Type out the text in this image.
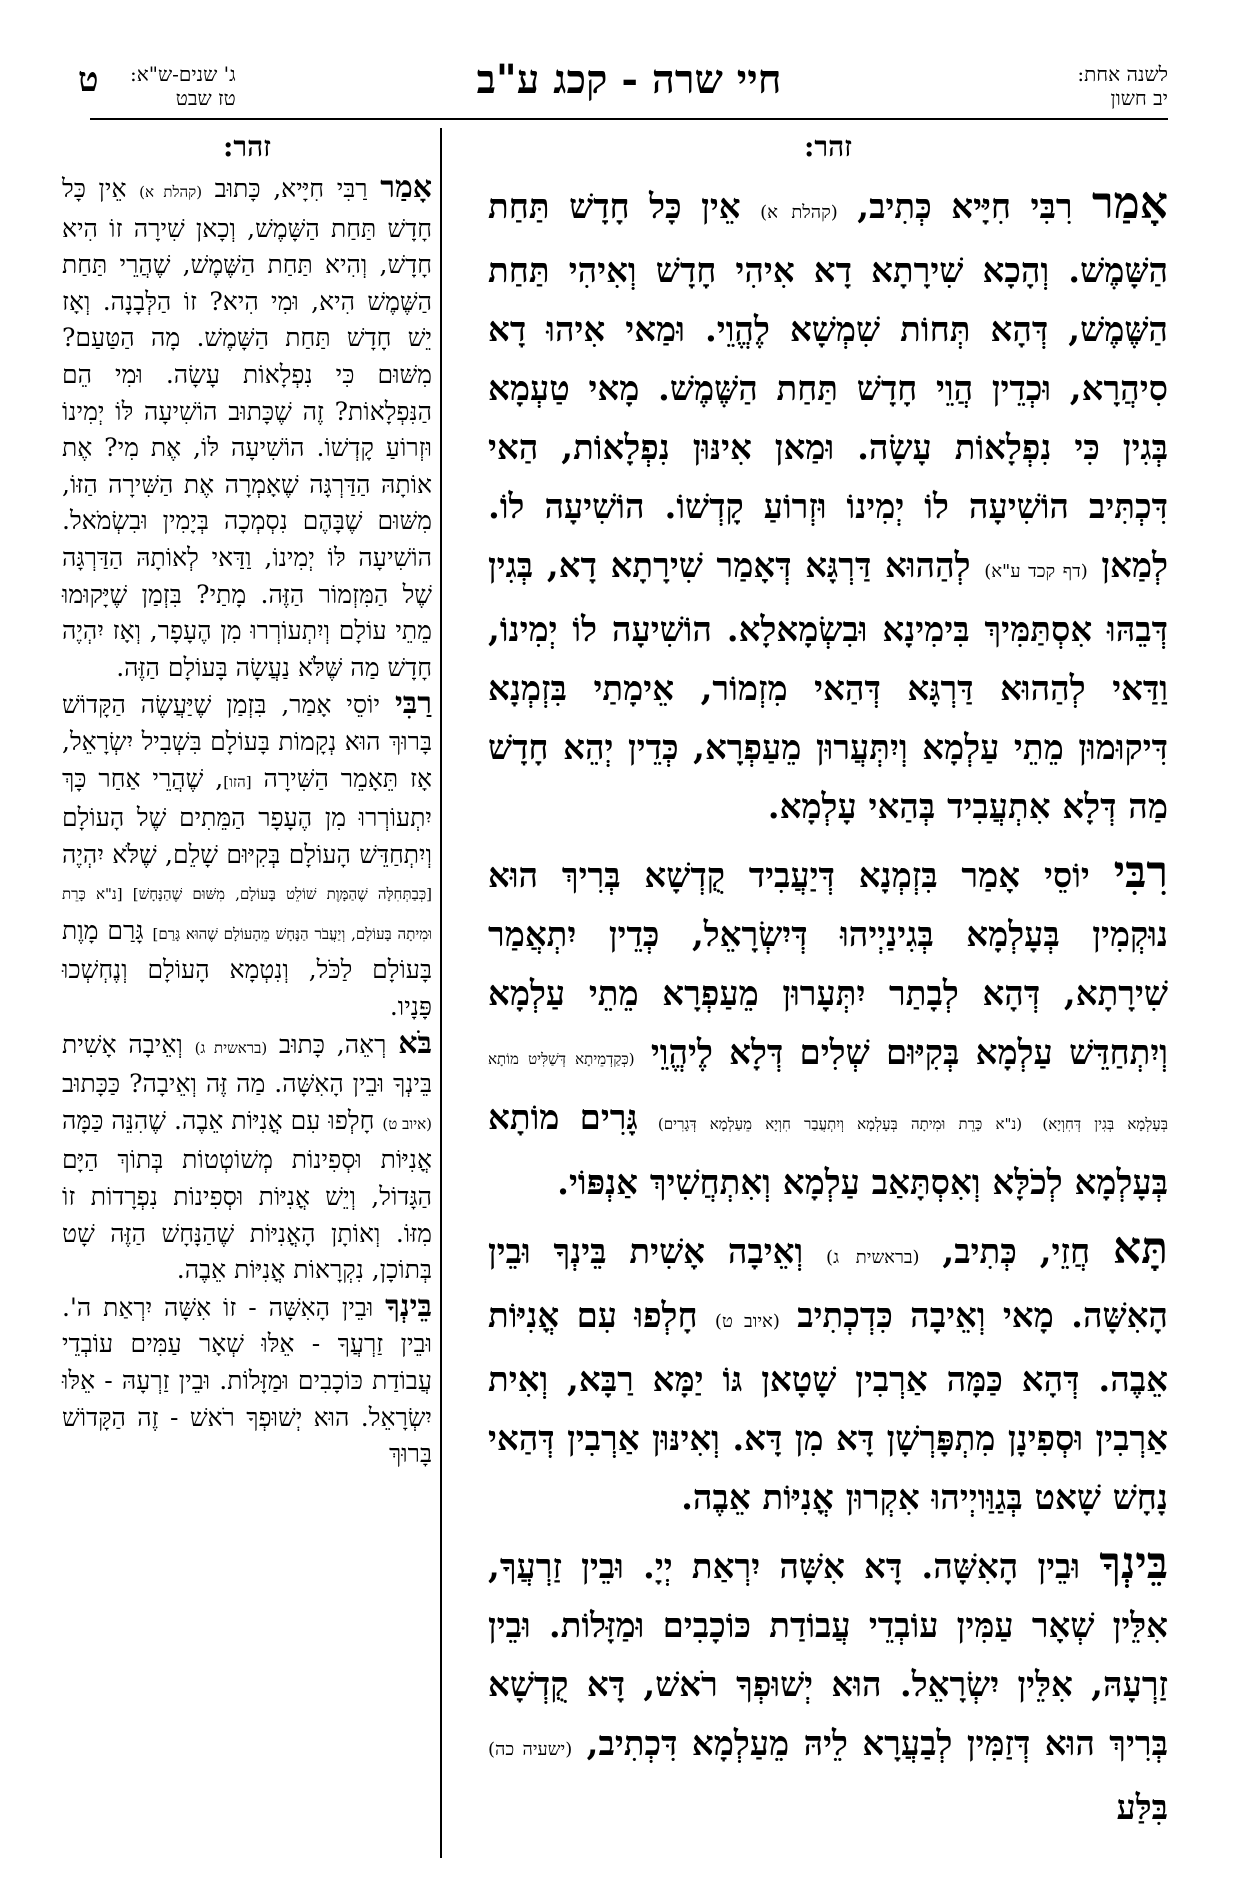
לשנה אחת:
יב חשון
חיי שרה - קכג ע"ב
ג' שנים-ש"א:
טז שבט
ט
זהר:

אָמַר רִבִּי חִיָּיא כְּתִיב, (קהלת א) אֵין כָּל חָדָשׁ תַּחַת הַשָּׁמֶשׁ. וְהָכָא שִׁירָתָא דָא אִיהִי חָדָשׁ וְאִיהִי תַּחַת הַשֶּׁמֶשׁ, דְּהָא תְּחוֹת שִׁמְשָׁא לֶהֱוֵי. וּמַאי אִיהוּ דָא סִיהֲרָא, וּכְדֵין הֲוֵי חָדָשׁ תַּחַת הַשֶּׁמֶשׁ. מָאי טַעְמָא בְּגִין כִּי נִפְלָאוֹת עָשָׂה. וּמַאן אִינּוּן נִפְלָאוֹת, הַאי דִּכְתִּיב הוֹשִׁיעָה לוֹ יְמִינוֹ וּזְרוֹעַ קָדְשׁוֹ. הוֹשִׁיעָה לוֹ. לְמַאן (דף קכד ע"א) לְהַהוּא דַּרְגָּא דְּאָמַר שִׁירָתָא דָא, בְּגִין דְּבֵהּוּ אִסְתַּמִּיךְ בִּימִינָא וּבִשְׂמָאלָא. הוֹשִׁיעָה לוֹ יְמִינוֹ, וַדַּאי לְהַהוּא דַּרְגָּא דְּהַאי מִזְמוֹר, אֵימָתַי בִּזְמְנָא דִּיקוּמוּן מֵתֵי עַלְמָא וְיִתְּעֲרוּן מֵעַפְרָא, כְּדֵין יְהֵא חָדָשׁ מַה דְּלָא אִתְעֲבִיד בְּהַאי עָלְמָא.

רִבִּי יוֹסֵי אָמַר בִּזְמְנָא דְּיַעֲבִיד קֻדְשָׁא בְּרִיךְ הוּא נוּקְמִין בְּעָלְמָא בְּגִינַיְיהוּ דְּיִשְׂרָאֵל, כְּדֵין יִתְאֲמַר שִׁירָתָא, דְּהָא לְבָתַר יִתְּעָרוּן מֵעַפְרָא מֵתֵי עַלְמָא וְיִתְחַדֵּשׁ עַלְמָא בְּקִיּוּם שְׁלִים דְּלָא לֶיהֱוֵי (כְּקַדְמֵיתָא דְּשַׁלִּיט מוֹתָא בְּעָלְמָא בְּגִין דְּחִוְיָא) (נ"א כָּרֵת וּמִיתָה בְּעָלְמָא וְיִתְעֲבַר חִוְיָא מֵעַלְמָא דְּגָרִים) גָּרִים מוֹתָא בְּעָלְמָא לְכֹלָּא וְאִסְתָּאַב עַלְמָא וְאִתְחֲשִׁיךְ אַנְפּוֹי.

תָּא חֲזֵי, כְּתִיב, (בראשית ג) וְאֵיבָה אָשִׁית בֵּינְךָ וּבֵין הָאִשָּׁה. מָאי וְאֵיבָה כִּדְכְתִיב (איוב ט) חָלְפוּ עִם אֳנִיּוֹת אֵבֶה. דְּהָא כַּמָּה אַרְבִין שָׁטָאן גּוֹ יַמָּא רַבָּא, וְאִית אַרְבִין וּסְפִינָן מִתְפָּרְשָׁן דָּא מִן דָּא. וְאִינּוּן אַרְבִין דְּהַאי נָחָשׁ שָׁאט בְּגַוַּויְיהוּ אִקְרוּן אֳנִיּוֹת אֵבֶה.

בֵּינְךָ וּבֵין הָאִשָּׁה. דָּא אִשָּׁה יִרְאַת יְיָ. וּבֵין זַרְעֲךָ, אִלֵּין שְׁאָר עַמִּין עוֹבְדֵי עֲבוֹדַת כּוֹכָבִים וּמַזָּלוֹת. וּבֵין זַרְעָהּ, אִלֵּין יִשְׂרָאֵל. הוּא יְשׁוּפְךָ רֹאשׁ, דָּא קֻדְשָׁא בְּרִיךְ הוּא דְּזַמִּין לְבַעֲרָא לֵיהּ מֵעַלְמָא דִּכְתִיב, (ישעיה כה) בִּלַּע

זהר:

אָמַר רַבִּי חִיָּיא, כָּתוּב (קהלת א) אֵין כָּל חָדָשׁ תַּחַת הַשָּׁמֶשׁ, וְכָאן שִׁירָה זוֹ הִיא חָדָשׁ, וְהִיא תַּחַת הַשֶּׁמֶשׁ, שֶׁהֲרֵי תַּחַת הַשֶּׁמֶשׁ הִיא, וּמִי הִיא? זוֹ הַלְּבָנָה. וְאָז יֵשׁ חָדָשׁ תַּחַת הַשָּׁמֶשׁ. מָה הַטַּעַם? מִשּׁוּם כִּי נִפְלָאוֹת עָשָׂה. וּמִי הֵם הַנִּפְלָאוֹת? זֶה שֶׁכָּתוּב הוֹשִׁיעָה לּוֹ יְמִינוֹ וּזְרוֹעַ קָדְשׁוֹ. הוֹשִׁיעָה לּוֹ, אֶת מִי? אֶת אוֹתָהּ הַדַּרְגָּה שֶׁאָמְרָה אֶת הַשִּׁירָה הַזּוֹ, מִשּׁוּם שֶׁבָּהֶם נִסְמְכָה בְּיָמִין וּבִשְׂמֹאל. הוֹשִׁיעָה לּוֹ יְמִינוֹ, וַדַּאי לְאוֹתָהּ הַדַּרְגָּה שֶׁל הַמִּזְמוֹר הַזֶּה. מָתַי? בִּזְמַן שֶׁיָּקוּמוּ מֵתֵי עוֹלָם וְיִתְעוֹרְרוּ מִן הֶעָפָר, וְאָז יִהְיֶה חָדָשׁ מַה שֶּׁלֹּא נַעֲשָׂה בָּעוֹלָם הַזֶּה.

רַבִּי יוֹסֵי אָמַר, בִּזְמַן שֶׁיַּעֲשֶׂה הַקָּדוֹשׁ בָּרוּךְ הוּא נְקָמוֹת בָּעוֹלָם בִּשְׁבִיל יִשְׂרָאֵל, אָז תֵּאָמֵר הַשִּׁירָה [הזו], שֶׁהֲרֵי אַחַר כָּךְ יִתְעוֹרְרוּ מִן הֶעָפָר הַמֵּתִים שֶׁל הָעוֹלָם וְיִתְחַדֵּשׁ הָעוֹלָם בְּקִיּוּם שָׁלֵם, שֶׁלֹּא יִהְיֶה [כְּבַתְּחִלָּה שֶׁהַמָּוֶת שׁוֹלֵט בָּעוֹלָם, מִשּׁוּם שֶׁהַנָּחָשׁ] [נ"א כָּרֵת וּמִיתָה בָּעוֹלָם, וְיַעֲבֹר הַנָּחָשׁ מֵהָעוֹלָם שֶׁהוּא גָּרַם] גָּרַם מָוֶת בָּעוֹלָם לַכֹּל, וְנִטְמָא הָעוֹלָם וְנֶחְשְׁכוּ פָּנָיו.

בֹּא רְאֵה, כָּתוּב (בראשית ג) וְאֵיבָה אָשִׁית בֵּינְךָ וּבֵין הָאִשָּׁה. מַה זֶּה וְאֵיבָה? כַּכָּתוּב (איוב ט) חָלְפוּ עִם אֳנִיּוֹת אֵבֶה. שֶׁהִנֵּה כַּמָּה אֳנִיּוֹת וּסְפִינוֹת מְשׁוֹטְטוֹת בְּתוֹךְ הַיָּם הַגָּדוֹל, וְיֵשׁ אֳנִיּוֹת וּסְפִינוֹת נִפְרָדוֹת זוֹ מִזּוֹ. וְאוֹתָן הָאֳנִיּוֹת שֶׁהַנָּחָשׁ הַזֶּה שָׁט בְּתוֹכָן, נִקְרָאוֹת אֳנִיּוֹת אֵבֶה.

בֵּינְךָ וּבֵין הָאִשָּׁה - זוֹ אִשָּׁה יִרְאַת ה'. וּבֵין זַרְעֲךָ - אֵלּוּ שְׁאָר עַמִּים עוֹבְדֵי עֲבוֹדַת כּוֹכָבִים וּמַזָּלוֹת. וּבֵין זַרְעָהּ - אֵלּוּ יִשְׂרָאֵל. הוּא יְשׁוּפְךָ רֹאשׁ - זֶה הַקָּדוֹשׁ בָּרוּךְ
